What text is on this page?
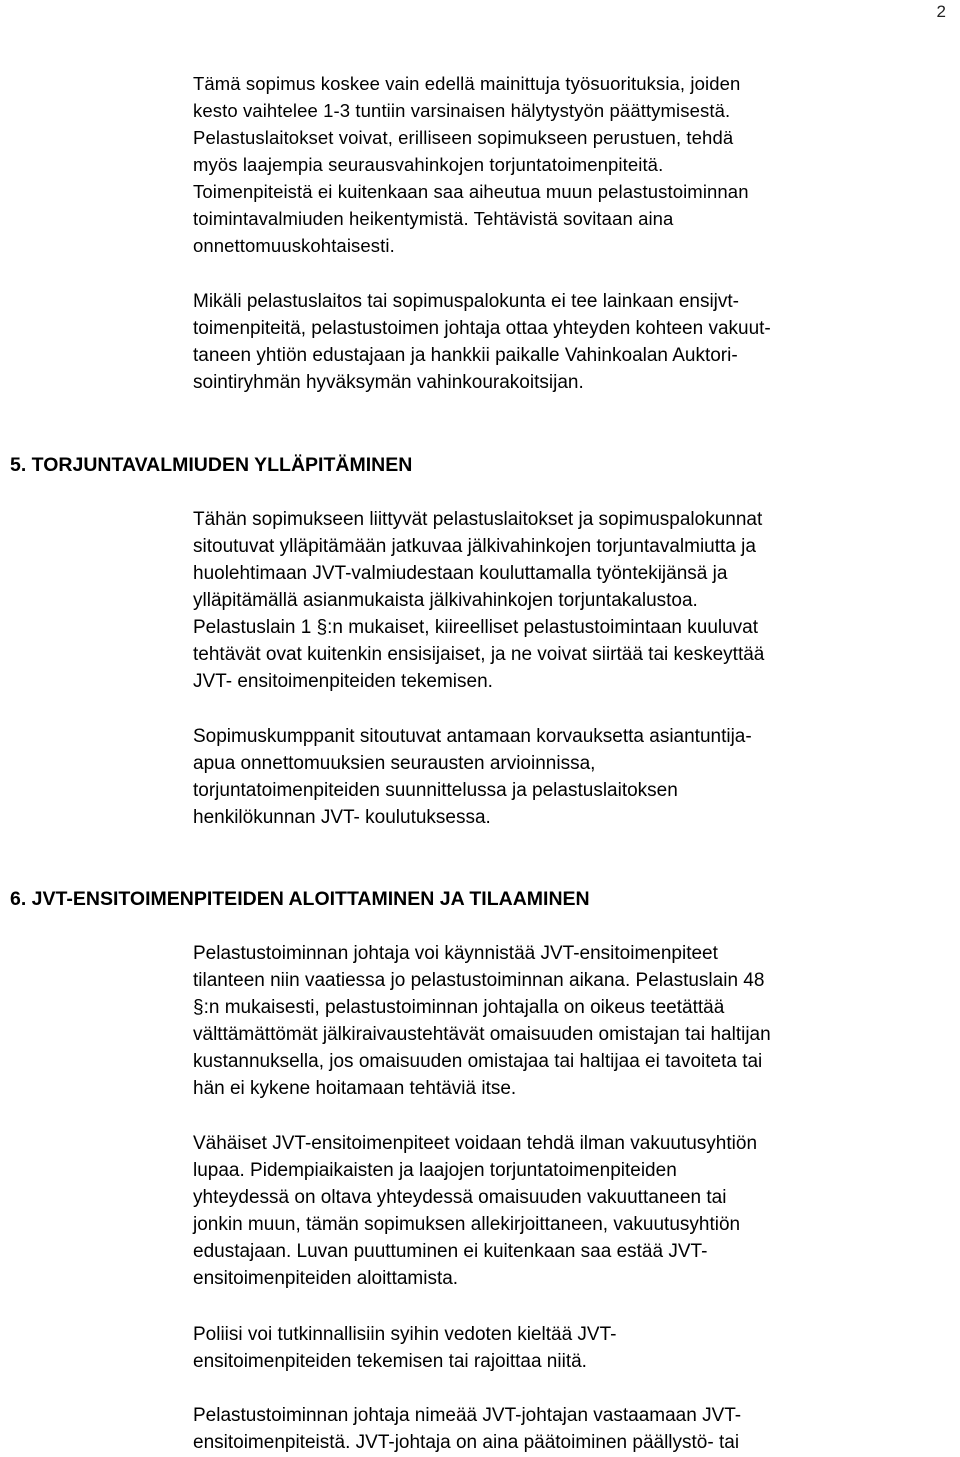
2
Tämä sopimus koskee vain edellä mainittuja työsuorituksia, joiden
kesto vaihtelee 1-3 tuntiin varsinaisen hälytystyön päättymisestä.
Pelastuslaitokset voivat, erilliseen sopimukseen perustuen, tehdä
myös laajempia seurausvahinkojen torjuntatoimenpiteitä.
Toimenpiteistä ei kuitenkaan saa aiheutua muun pelastustoiminnan
toimintavalmiuden heikentymistä. Tehtävistä sovitaan aina
onnettomuuskohtaisesti.
Mikäli pelastuslaitos tai sopimuspalokunta ei tee lainkaan ensijvt-
toimenpiteitä, pelastustoimen johtaja ottaa yhteyden kohteen vakuut-
taneen yhtiön edustajaan ja hankkii paikalle Vahinkoalan Auktori-
sointiryhmän hyväksymän vahinkourakoitsijan.
5. TORJUNTAVALMIUDEN YLLÄPITÄMINEN
Tähän sopimukseen liittyvät pelastuslaitokset ja sopimuspalokunnat
sitoutuvat ylläpitämään jatkuvaa jälkivahinkojen torjuntavalmiutta ja
huolehtimaan JVT-valmiudestaan kouluttamalla työntekijänsä ja
ylläpitämällä asianmukaista jälkivahinkojen torjuntakalustoa.
Pelastuslain 1 §:n mukaiset, kiireelliset pelastustoimintaan kuuluvat
tehtävät ovat kuitenkin ensisijaiset, ja ne voivat siirtää tai keskeyttää
JVT- ensitoimenpiteiden tekemisen.
Sopimuskumppanit sitoutuvat antamaan korvauksetta asiantuntija-
apua onnettomuuksien seurausten arvioinnissa,
torjuntatoimenpiteiden suunnittelussa ja pelastuslaitoksen
henkilökunnan JVT- koulutuksessa.
6. JVT-ENSITOIMENPITEIDEN ALOITTAMINEN JA TILAAMINEN
Pelastustoiminnan johtaja voi käynnistää JVT-ensitoimenpiteet
tilanteen niin vaatiessa jo pelastustoiminnan aikana. Pelastuslain 48
§:n mukaisesti, pelastustoiminnan johtajalla on oikeus teetättää
välttämättömät jälkiraivaustehtävät omaisuuden omistajan tai haltijan
kustannuksella, jos omaisuuden omistajaa tai haltijaa ei tavoiteta tai
hän ei kykene hoitamaan tehtäviä itse.
Vähäiset JVT-ensitoimenpiteet voidaan tehdä ilman vakuutusyhtiön
lupaa. Pidempiaikaisten ja laajojen torjuntatoimenpiteiden
yhteydessä on oltava yhteydessä omaisuuden vakuuttaneen tai
jonkin muun, tämän sopimuksen allekirjoittaneen, vakuutusyhtiön
edustajaan. Luvan puuttuminen ei kuitenkaan saa estää JVT-
ensitoimenpiteiden aloittamista.
Poliisi voi tutkinnallisiin syihin vedoten kieltää JVT-
ensitoimenpiteiden tekemisen tai rajoittaa niitä.
Pelastustoiminnan johtaja nimeää JVT-johtajan vastaamaan JVT-
ensitoimenpiteistä. JVT-johtaja on aina päätoiminen päällystö- tai
